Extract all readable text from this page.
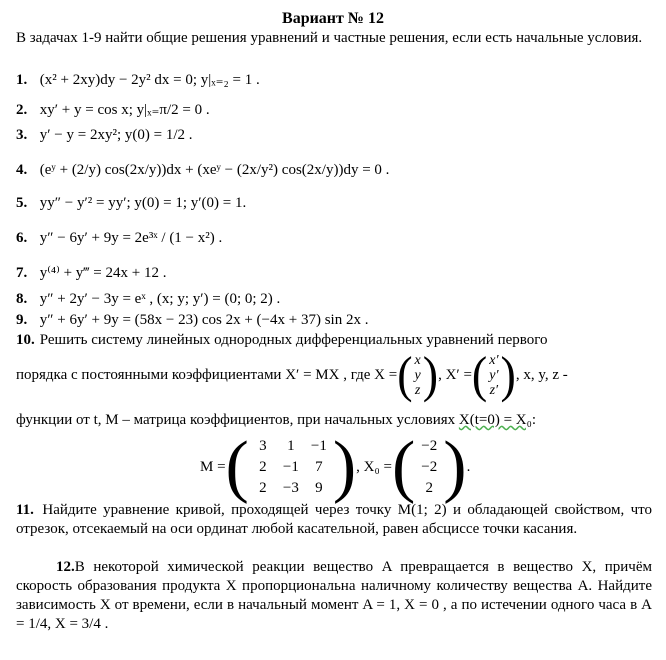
Вариант № 12
В задачах 1-9 найти общие решения уравнений и частные решения, если есть начальные условия.
1. (x² + 2xy)dy − 2y² dx = 0; y|ₓ₌₂ = 1 .
2. xy′ + y = cos x; y|ₓ₌π/2 = 0 .
3. y′ − y = 2xy²; y(0) = 1/2 .
4. (eʸ + (2/y) cos(2x/y))dx + (xeʸ − (2x/y²) cos(2x/y))dy = 0 .
5. yy″ − y′² = yy′; y(0) = 1; y′(0) = 1.
6. y″ − 6y′ + 9y = 2e³ˣ / (1 − x²) .
7. y⁽⁴⁾ + y‴ = 24x + 12 .
8. y″ + 2y′ − 3y = eˣ , (x; y; y′) = (0; 0; 2) .
9. y″ + 6y′ + 9y = (58x − 23) cos 2x + (−4x + 37) sin 2x .
10. Решить систему линейных однородных дифференциальных уравнений первого
порядка с постоянными коэффициентами X′ = MX , где X = ( x
y
z ) , X′ = ( x′
y′
z′ ) , x, y, z -
функции от t, M – матрица коэффициентов, при начальных условиях X(t=0) = X₀:
M = ( 3	1	−1
2	−1	7
2	−3	9 ) , X₀ = ( −2
−2
2 ) .
11. Найдите уравнение кривой, проходящей через точку M(1; 2) и обладающей свойством, что отрезок, отсекаемый на оси ординат любой касательной, равен абсциссе точки касания.
12.В некоторой химической реакции вещество A превращается в вещество X, причём скорость образования продукта X пропорциональна наличному количеству вещества A. Найдите зависимость X от времени, если в начальный момент A = 1, X = 0 , а по истечении одного часа в A = 1/4, X = 3/4 .
